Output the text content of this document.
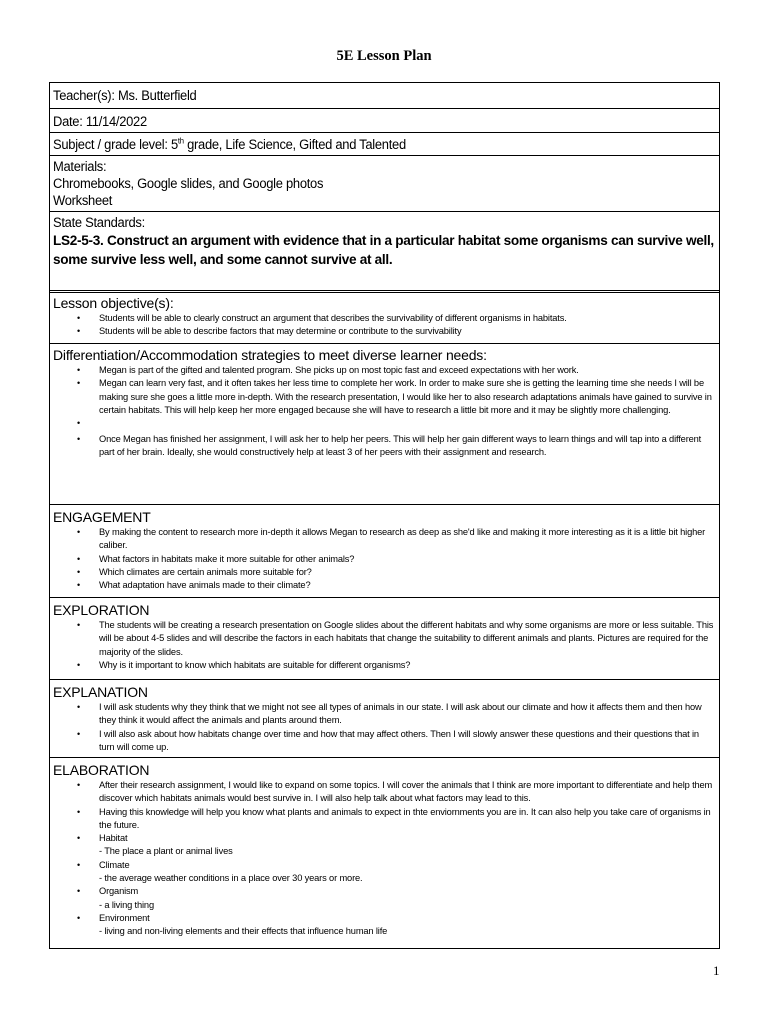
5E Lesson Plan
Teacher(s): Ms. Butterfield
Date: 11/14/2022
Subject / grade level: 5th grade, Life Science, Gifted and Talented
Materials:
Chromebooks, Google slides, and Google photos
Worksheet
State Standards:
LS2-5-3. Construct an argument with evidence that in a particular habitat some organisms can survive well, some survive less well, and some cannot survive at all.
Lesson objective(s):
• Students will be able to clearly construct an argument that describes the survivability of different organisms in habitats.
• Students will be able to describe factors that may determine or contribute to the survivability
Differentiation/Accommodation strategies to meet diverse learner needs:
• Megan is part of the gifted and talented program. She picks up on most topic fast and exceed expectations with her work.
• Megan can learn very fast, and it often takes her less time to complete her work. In order to make sure she is getting the learning time she needs I will be making sure she goes a little more in-depth. With the research presentation, I would like her to also research adaptations animals have gained to survive in certain habitats. This will help keep her more engaged because she will have to research a little bit more and it may be slightly more challenging.
•
• Once Megan has finished her assignment, I will ask her to help her peers. This will help her gain different ways to learn things and will tap into a different part of her brain. Ideally, she would constructively help at least 3 of her peers with their assignment and research.
ENGAGEMENT
• By making the content to research more in-depth it allows Megan to research as deep as she'd like and making it more interesting as it is a little bit higher caliber.
• What factors in habitats make it more suitable for other animals?
• Which climates are certain animals more suitable for?
• What adaptation have animals made to their climate?
EXPLORATION
• The students will be creating a research presentation on Google slides about the different habitats and why some organisms are more or less suitable. This will be about 4-5 slides and will describe the factors in each habitats that change the suitability to different animals and plants. Pictures are required for the majority of the slides.
• Why is it important to know which habitats are suitable for different organisms?
EXPLANATION
• I will ask students why they think that we might not see all types of animals in our state. I will ask about our climate and how it affects them and then how they think it would affect the animals and plants around them.
• I will also ask about how habitats change over time and how that may affect others. Then I will slowly answer these questions and their questions that in turn will come up.
ELABORATION
• After their research assignment, I would like to expand on some topics. I will cover the animals that I think are more important to differentiate and help them discover which habitats animals would best survive in. I will also help talk about what factors may lead to this.
• Having this knowledge will help you know what plants and animals to expect in thte enviornments you are in. It can also help you take care of organisms in the future.
• Habitat
- The place a plant or animal lives
• Climate
- the average weather conditions in a place over 30 years or more.
• Organism
- a living thing
• Environment
- living and non-living elements and their effects that influence human life
1
